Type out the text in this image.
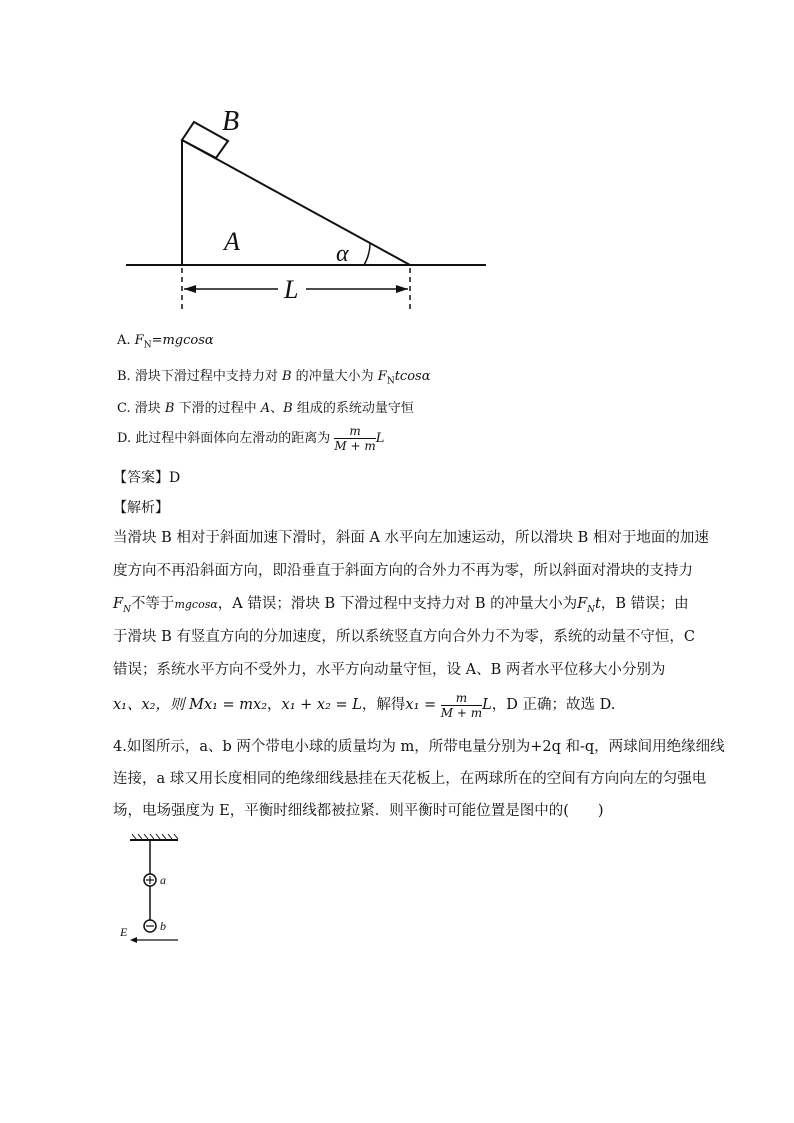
B
A	α
L
A. $F_N=mgcos\alpha$
B. 滑块下滑过程中支持力对 B 的冲量大小为 $F_Ntcos\alpha$
C. 滑块 B 下滑的过程中 A、B 组成的系统动量守恒
D. 此过程中斜面体向左滑动的距离为 $\frac{m}{M + m}$ L
【答案】D
【解析】
当滑块 B 相对于斜面加速下滑时，斜面 A 水平向左加速运动，所以滑块 B 相对于地面的加速
度方向不再沿斜面方向，即沿垂直于斜面方向的合外力不再为零，所以斜面对滑块的支持力
$F_N$不等于mgcosα，A 错误；滑块 B 下滑过程中支持力对 B 的冲量大小为$F_Nt$，B 错误；由
于滑块 B 有竖直方向的分加速度，所以系统竖直方向合外力不为零，系统的动量不守恒，C
错误；系统水平方向不受外力，水平方向动量守恒，设 A、B 两者水平位移大小分别为
x₁、x₂，则 Mx₁ = mx₂，x₁ + x₂ = L，解得$x_1 = \frac{m}{M + m}$ L，D 正确；故选 D.
4.如图所示，a、b 两个带电小球的质量均为 m，所带电量分别为+2q 和-q，两球间用绝缘细线
连接，a 球又用长度相同的绝缘细线悬挂在天花板上，在两球所在的空间有方向向左的匀强电
场，电场强度为 E，平衡时细线都被拉紧．则平衡时可能位置是图中的(　　)
a
b
E
